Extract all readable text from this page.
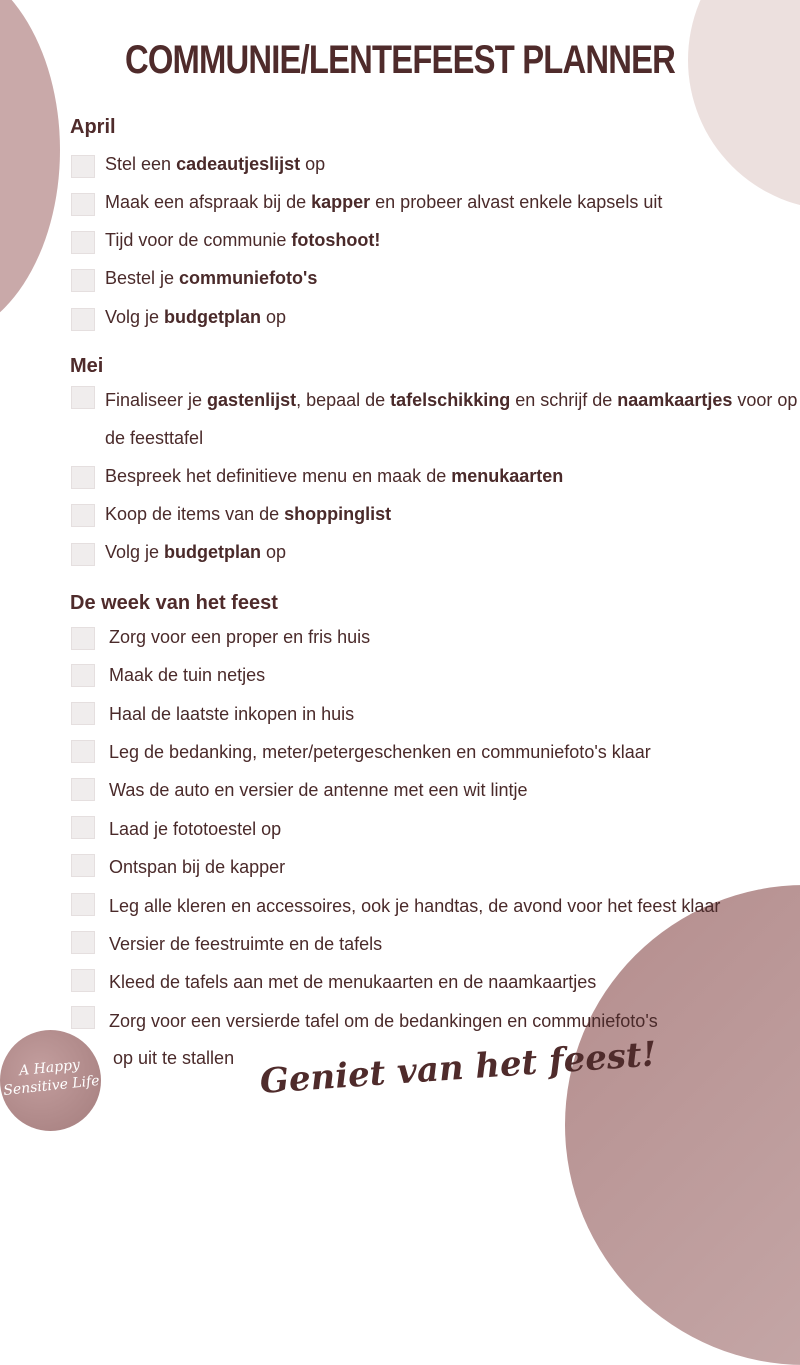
COMMUNIE/LENTEFEEST PLANNER
April
Stel een cadeautjeslijst op
Maak een afspraak bij de kapper en probeer alvast enkele kapsels uit
Tijd voor de communie fotoshoot!
Bestel je communiefoto's
Volg je budgetplan op
Mei
Finaliseer je gastenlijst, bepaal de tafelschikking en schrijf de naamkaartjes voor op
de feesttafel
Bespreek het definitieve menu en maak de menukaarten
Koop de items van de shoppinglist
Volg je budgetplan op
De week van het feest
Zorg voor een proper en fris huis
Maak de tuin netjes
Haal de laatste inkopen in huis
Leg de bedanking, meter/petergeschenken en communiefoto's klaar
Was de auto en versier de antenne met een wit lintje
Laad je fototoestel op
Ontspan bij de kapper
Leg alle kleren en accessoires, ook je handtas, de avond voor het feest klaar
Versier de feestruimte en de tafels
Kleed de tafels aan met de menukaarten en de naamkaartjes
Zorg voor een versierde tafel om de bedankingen en communiefoto's
op uit te stallen
A Happy
Sensitive Life	Geniet van het feest!
